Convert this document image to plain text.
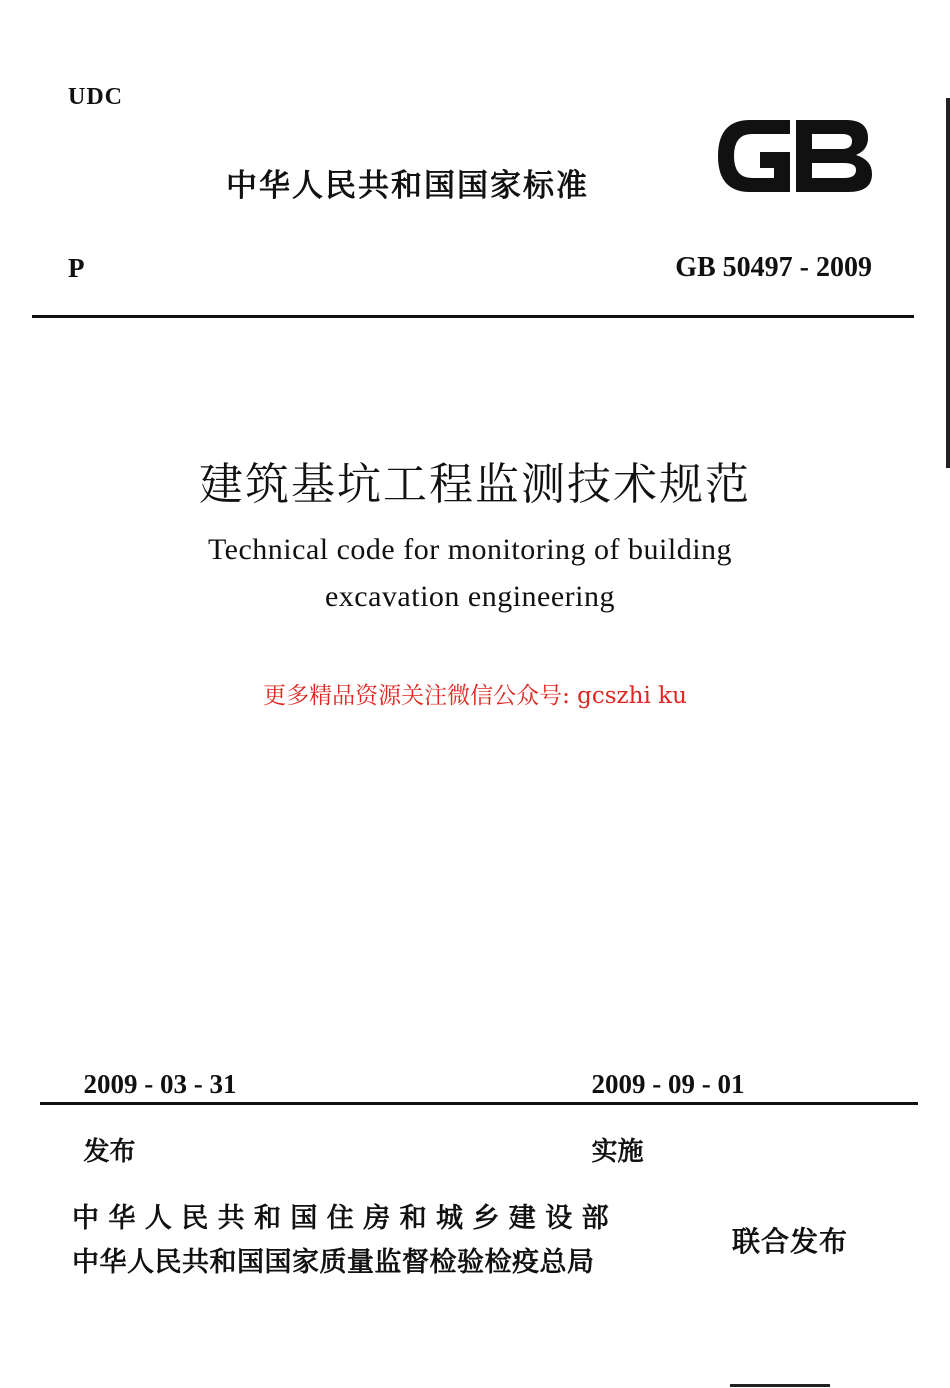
UDC
中华人民共和国国家标准
P	GB 50497 - 2009
建筑基坑工程监测技术规范
Technical code for monitoring of building
excavation engineering
更多精品资源关注微信公众号: gcszhi ku

2009 - 03 - 31

发布

2009 - 09 - 01

实施

中华人民共和国住房和城乡建设部
中华人民共和国国家质量监督检验检疫总局
联合发布
